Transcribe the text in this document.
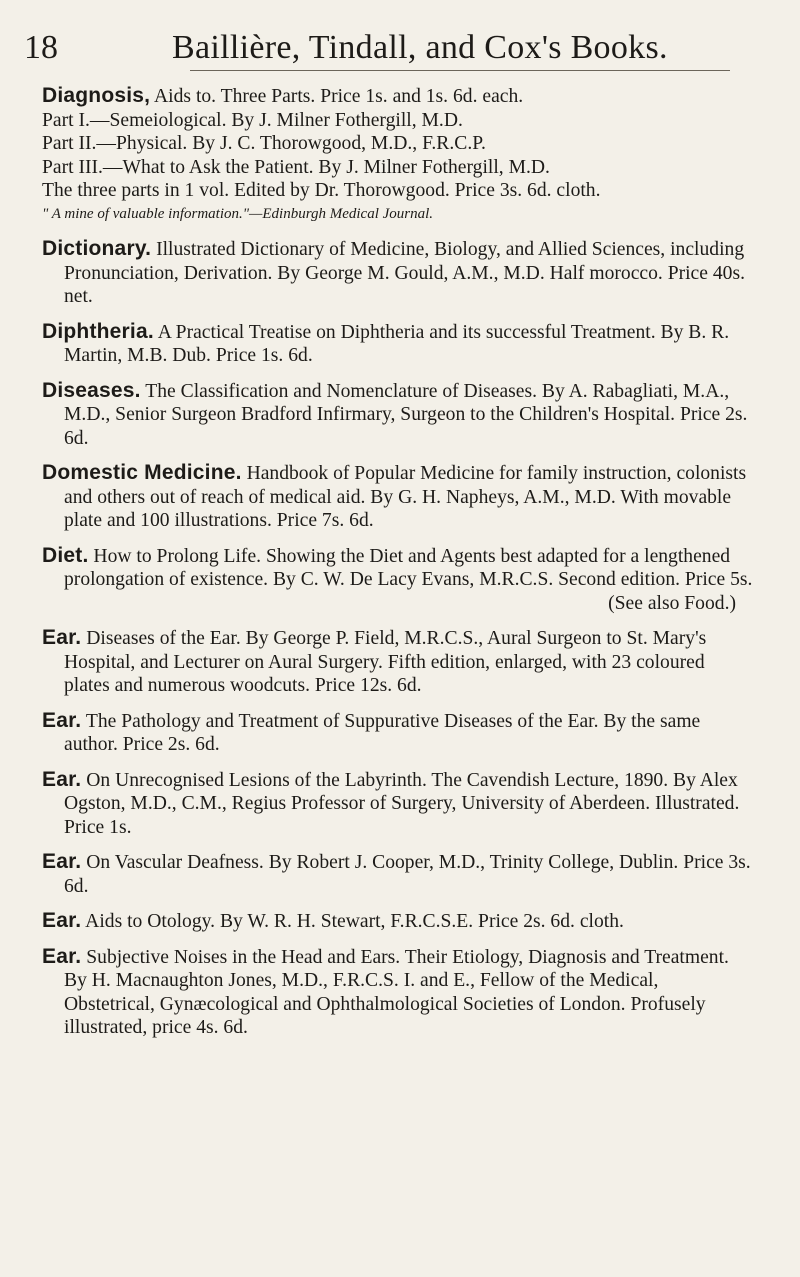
18	Baillière, Tindall, and Cox's Books.

Diagnosis, Aids to. Three Parts. Price 1s. and 1s. 6d. each.
Part I.—Semeiological. By J. Milner Fothergill, M.D.
Part II.—Physical. By J. C. Thorowgood, M.D., F.R.C.P.
Part III.—What to Ask the Patient. By J. Milner Fothergill, M.D.
The three parts in 1 vol. Edited by Dr. Thorowgood. Price 3s. 6d. cloth.
" A mine of valuable information."—Edinburgh Medical Journal.

Dictionary. Illustrated Dictionary of Medicine, Biology, and Allied Sciences, including Pronunciation, Derivation. By George M. Gould, A.M., M.D. Half morocco. Price 40s. net.

Diphtheria. A Practical Treatise on Diphtheria and its successful Treatment. By B. R. Martin, M.B. Dub. Price 1s. 6d.

Diseases. The Classification and Nomenclature of Diseases. By A. Rabagliati, M.A., M.D., Senior Surgeon Bradford Infirmary, Surgeon to the Children's Hospital. Price 2s. 6d.

Domestic Medicine. Handbook of Popular Medicine for family instruction, colonists and others out of reach of medical aid. By G. H. Napheys, A.M., M.D. With movable plate and 100 illustrations. Price 7s. 6d.

Diet. How to Prolong Life. Showing the Diet and Agents best adapted for a lengthened prolongation of existence. By C. W. De Lacy Evans, M.R.C.S. Second edition. Price 5s.
(See also Food.)

Ear. Diseases of the Ear. By George P. Field, M.R.C.S., Aural Surgeon to St. Mary's Hospital, and Lecturer on Aural Surgery. Fifth edition, enlarged, with 23 coloured plates and numerous woodcuts. Price 12s. 6d.

Ear. The Pathology and Treatment of Suppurative Diseases of the Ear. By the same author. Price 2s. 6d.

Ear. On Unrecognised Lesions of the Labyrinth. The Cavendish Lecture, 1890. By Alex Ogston, M.D., C.M., Regius Professor of Surgery, University of Aberdeen. Illustrated. Price 1s.

Ear. On Vascular Deafness. By Robert J. Cooper, M.D., Trinity College, Dublin. Price 3s. 6d.

Ear. Aids to Otology. By W. R. H. Stewart, F.R.C.S.E. Price 2s. 6d. cloth.

Ear. Subjective Noises in the Head and Ears. Their Etiology, Diagnosis and Treatment. By H. Macnaughton Jones, M.D., F.R.C.S. I. and E., Fellow of the Medical, Obstetrical, Gynæcological and Ophthalmological Societies of London. Profusely illustrated, price 4s. 6d.
